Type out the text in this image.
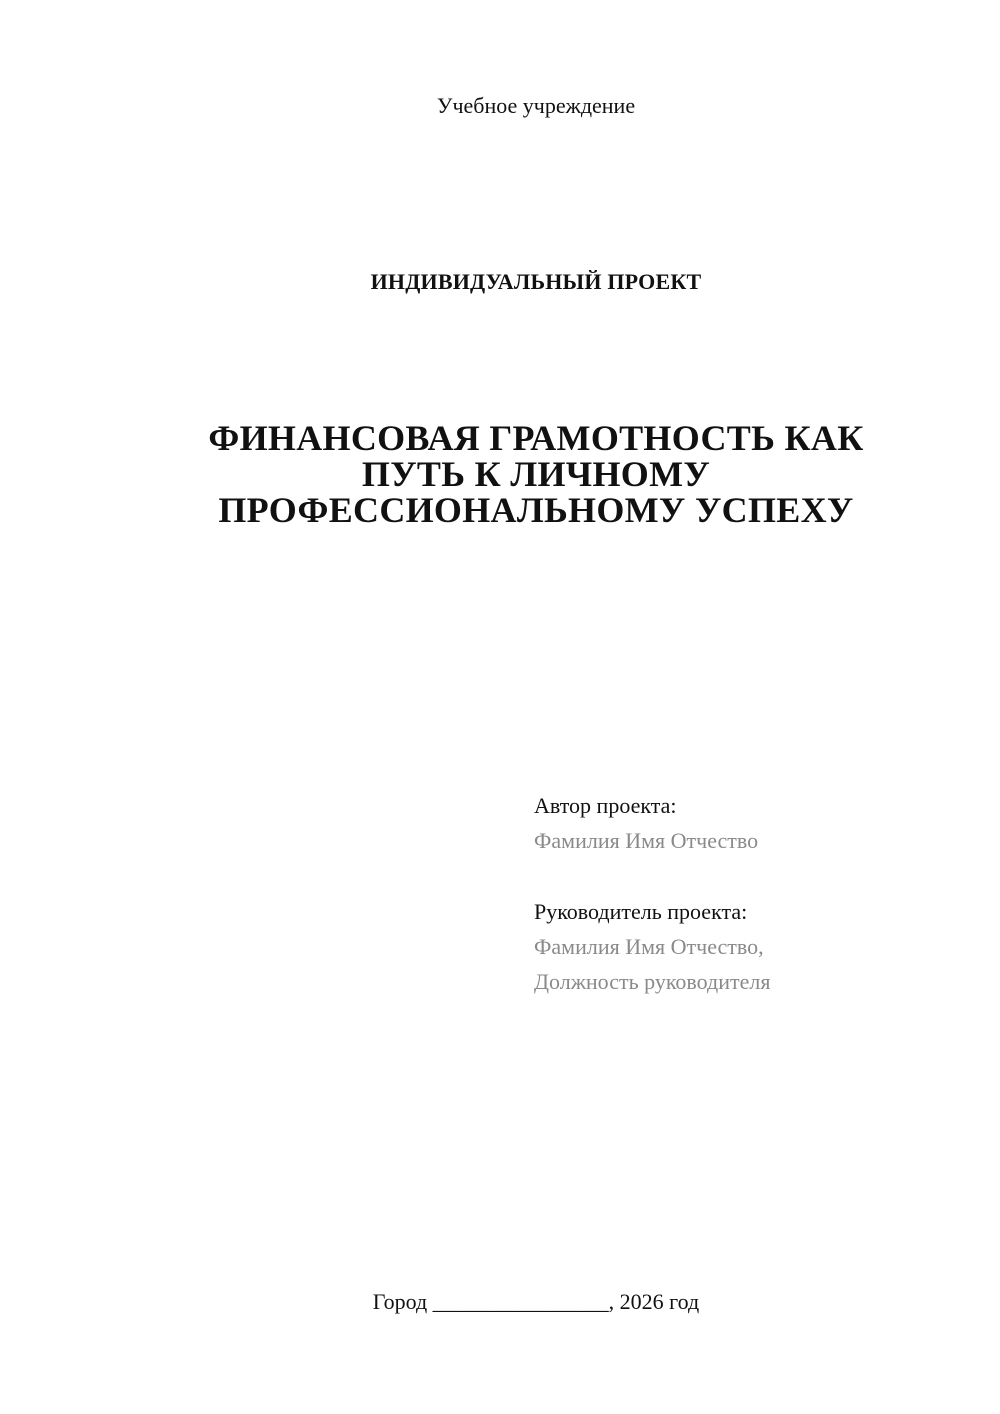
Учебное учреждение
ИНДИВИДУАЛЬНЫЙ ПРОЕКТ
ФИНАНСОВАЯ ГРАМОТНОСТЬ КАК
ПУТЬ К ЛИЧНОМУ
ПРОФЕССИОНАЛЬНОМУ УСПЕХУ
Автор проекта:
Фамилия Имя Отчество
Руководитель проекта:
Фамилия Имя Отчество,
Должность руководителя
Город ________________, 2026 год
